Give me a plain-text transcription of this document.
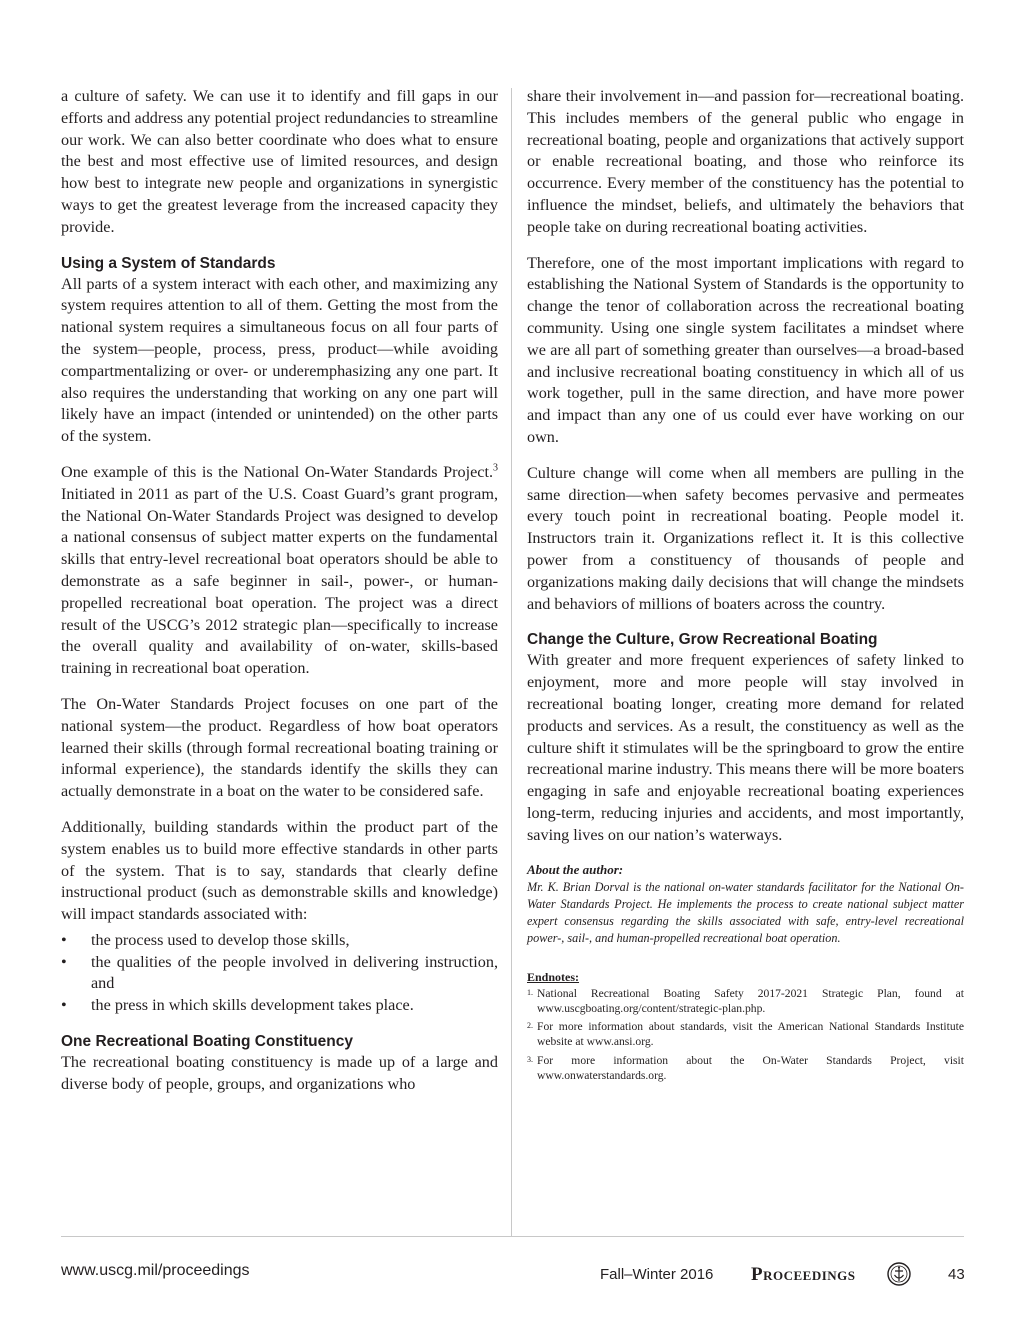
a culture of safety. We can use it to identify and fill gaps in our efforts and address any potential project redundancies to streamline our work. We can also better coordinate who does what to ensure the best and most effective use of limited resources, and design how best to integrate new people and organizations in synergistic ways to get the greatest leverage from the increased capacity they provide.

Using a System of Standards

All parts of a system interact with each other, and maximizing any system requires attention to all of them. Getting the most from the national system requires a simultaneous focus on all four parts of the system—people, process, press, product—while avoiding compartmentalizing or over- or underemphasizing any one part. It also requires the understanding that working on any one part will likely have an impact (intended or unintended) on the other parts of the system.

One example of this is the National On-Water Standards Project.$^3$ Initiated in 2011 as part of the U.S. Coast Guard’s grant program, the National On-Water Standards Project was designed to develop a national consensus of subject matter experts on the fundamental skills that entry-level recreational boat operators should be able to demonstrate as a safe beginner in sail-, power-, or human-propelled recreational boat operation. The project was a direct result of the USCG’s 2012 strategic plan—specifically to increase the overall quality and availability of on-water, skills-based training in recreational boat operation.

The On-Water Standards Project focuses on one part of the national system—the product. Regardless of how boat operators learned their skills (through formal recreational boating training or informal experience), the standards identify the skills they can actually demonstrate in a boat on the water to be considered safe.

Additionally, building standards within the product part of the system enables us to build more effective standards in other parts of the system. That is to say, standards that clearly define instructional product (such as demonstrable skills and knowledge) will impact standards associated with:

• the process used to develop those skills,
• the qualities of the people involved in delivering instruction, and
• the press in which skills development takes place.
One Recreational Boating Constituency

The recreational boating constituency is made up of a large and diverse body of people, groups, and organizations who

share their involvement in—and passion for—recreational boating. This includes members of the general public who engage in recreational boating, people and organizations that actively support or enable recreational boating, and those who reinforce its occurrence. Every member of the constituency has the potential to influence the mindset, beliefs, and ultimately the behaviors that people take on during recreational boating activities.

Therefore, one of the most important implications with regard to establishing the National System of Standards is the opportunity to change the tenor of collaboration across the recreational boating community. Using one single system facilitates a mindset where we are all part of something greater than ourselves—a broad-based and inclusive recreational boating constituency in which all of us work together, pull in the same direction, and have more power and impact than any one of us could ever have working on our own.

Culture change will come when all members are pulling in the same direction—when safety becomes pervasive and permeates every touch point in recreational boating. People model it. Instructors train it. Organizations reflect it. It is this collective power from a constituency of thousands of people and organizations making daily decisions that will change the mindsets and behaviors of millions of boaters across the country.

Change the Culture, Grow Recreational Boating

With greater and more frequent experiences of safety linked to enjoyment, more and more people will stay involved in recreational boating longer, creating more demand for related products and services. As a result, the constituency as well as the culture shift it stimulates will be the springboard to grow the entire recreational marine industry. This means there will be more boaters engaging in safe and enjoyable recreational boating experiences long-term, reducing injuries and accidents, and most importantly, saving lives on our nation’s waterways.

About the author:
Mr. K. Brian Dorval is the national on-water standards facilitator for the National On-Water Standards Project. He implements the process to create national subject matter expert consensus regarding the skills associated with safe, entry-level recreational power-, sail-, and human-propelled recreational boat operation.
Endnotes:
1. National Recreational Boating Safety 2017-2021 Strategic Plan, found at www.uscgboating.org/content/strategic-plan.php.
2. For more information about standards, visit the American National Standards Institute website at www.ansi.org.
3. For more information about the On-Water Standards Project, visit www.onwaterstandards.org.
www.uscg.mil/proceedings	Fall–Winter 2016 Proceedings	43
